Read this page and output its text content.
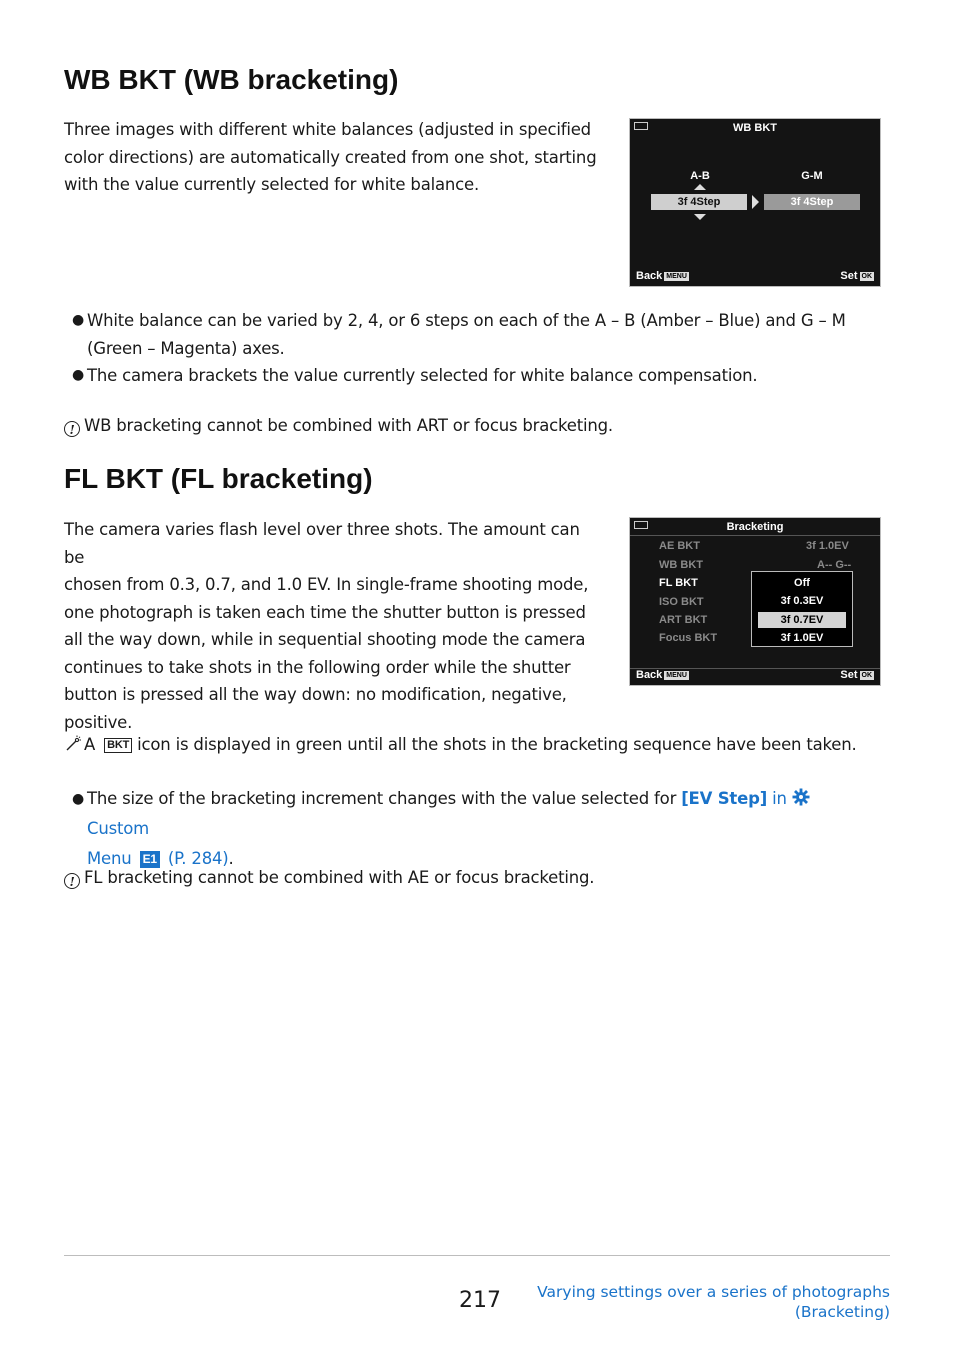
WB BKT (WB bracketing)
Three images with different white balances (adjusted in specified
color directions) are automatically created from one shot, starting
with the value currently selected for white balance.
WB BKT
A-B	G-M
3f 4Step	3f 4Step
Back MENU	Set OK
● White balance can be varied by 2, 4, or 6 steps on each of the A – B (Amber – Blue) and G – M
(Green – Magenta) axes.
● The camera brackets the value currently selected for white balance compensation.
! WB bracketing cannot be combined with ART or focus bracketing.
FL BKT (FL bracketing)
The camera varies flash level over three shots. The amount can be
chosen from 0.3, 0.7, and 1.0 EV. In single-frame shooting mode,
one photograph is taken each time the shutter button is pressed
all the way down, while in sequential shooting mode the camera
continues to take shots in the following order while the shutter
button is pressed all the way down: no modification, negative,
positive.
Bracketing
AE BKT	3f 1.0EV
WB BKT	A-- G--
FL BKT
ISO BKT
ART BKT
Focus BKT
Off
3f 0.3EV
3f 0.7EV
3f 1.0EV
Back MENU	Set OK
A BKT icon is displayed in green until all the shots in the bracketing sequence have been taken.
● The size of the bracketing increment changes with the value selected for [EV Step] in  Custom
Menu E1 (P. 284).
! FL bracketing cannot be combined with AE or focus bracketing.
217 Varying settings over a series of photographs
(Bracketing)
